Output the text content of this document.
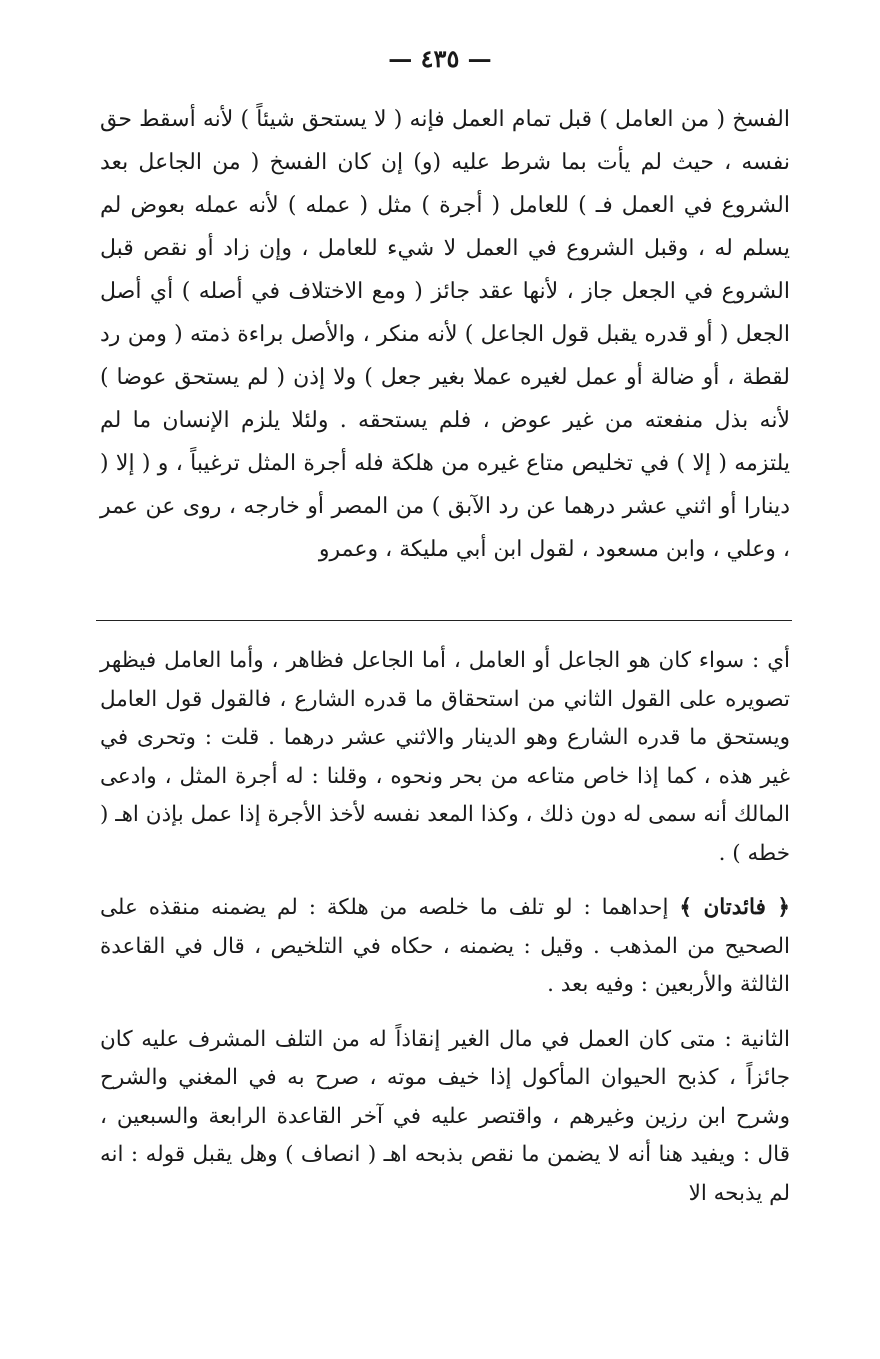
— ٤٣٥ —

الفسخ ( من العامل ) قبل تمام العمل فإنه ( لا يستحق شيئاً ) لأنه أسقط حق نفسه ، حيث لم يأت بما شرط عليه (و) إن كان الفسخ ( من الجاعل بعد الشروع في العمل فـ ) للعامل ( أجرة ) مثل ( عمله ) لأنه عمله بعوض لم يسلم له ، وقبل الشروع في العمل لا شيء للعامل ، وإن زاد أو نقص قبل الشروع في الجعل جاز ، لأنها عقد جائز ( ومع الاختلاف في أصله ) أي أصل الجعل ( أو قدره يقبل قول الجاعل ) لأنه منكر ، والأصل براءة ذمته ( ومن رد لقطة ، أو ضالة أو عمل لغيره عملا بغير جعل ) ولا إذن ( لم يستحق عوضا ) لأنه بذل منفعته من غير عوض ، فلم يستحقه . ولئلا يلزم الإنسان ما لم يلتزمه ( إلا ) في تخليص متاع غيره من هلكة فله أجرة المثل ترغيباً ، و ( إلا ( دينارا أو اثني عشر درهما عن رد الآبق ) من المصر أو خارجه ، روى عن عمر ، وعلي ، وابن مسعود ، لقول ابن أبي مليكة ، وعمرو

أي : سواء كان هو الجاعل أو العامل ، أما الجاعل فظاهر ، وأما العامل فيظهر تصويره على القول الثاني من استحقاق ما قدره الشارع ، فالقول قول العامل ويستحق ما قدره الشارع وهو الدينار والاثني عشر درهما . قلت : وتحرى في غير هذه ، كما إذا خاص متاعه من بحر ونحوه ، وقلنا : له أجرة المثل ، وادعى المالك أنه سمى له دون ذلك ، وكذا المعد نفسه لأخذ الأجرة إذا عمل بإذن اهـ ( خطه ) .

﴿ فائدتان ﴾ إحداهما : لو تلف ما خلصه من هلكة : لم يضمنه منقذه على الصحيح من المذهب . وقيل : يضمنه ، حكاه في التلخيص ، قال في القاعدة الثالثة والأربعين : وفيه بعد .

الثانية : متى كان العمل في مال الغير إنقاذاً له من التلف المشرف عليه كان جائزاً ، كذبح الحيوان المأكول إذا خيف موته ، صرح به في المغني والشرح وشرح ابن رزين وغيرهم ، واقتصر عليه في آخر القاعدة الرابعة والسبعين ، قال : ويفيد هنا أنه لا يضمن ما نقص بذبحه اهـ ( انصاف ) وهل يقبل قوله : انه لم يذبحه الا
